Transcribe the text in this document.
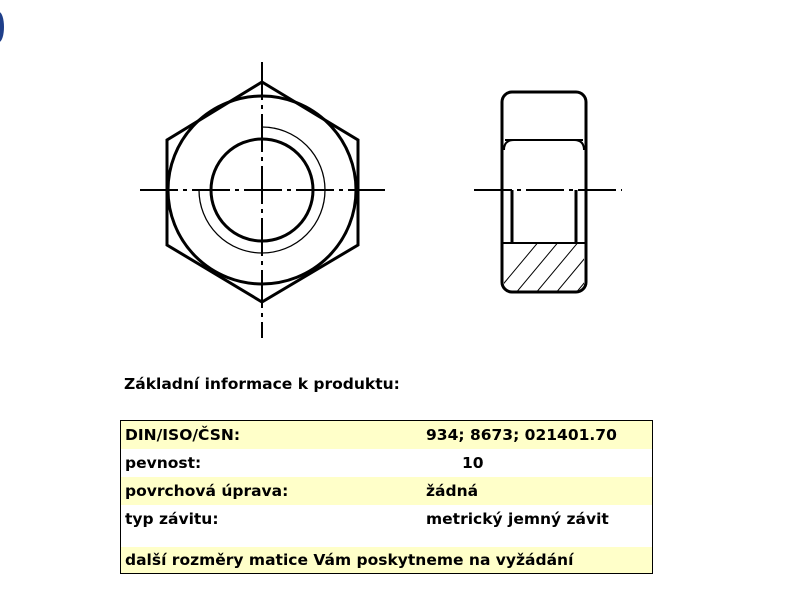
Základní informace k produktu:
DIN/ISO/ČSN:	934; 8673; 021401.70
pevnost:	10
povrchová úprava:	žádná
typ závitu:	metrický jemný závit
další rozměry matice Vám poskytneme na vyžádání
